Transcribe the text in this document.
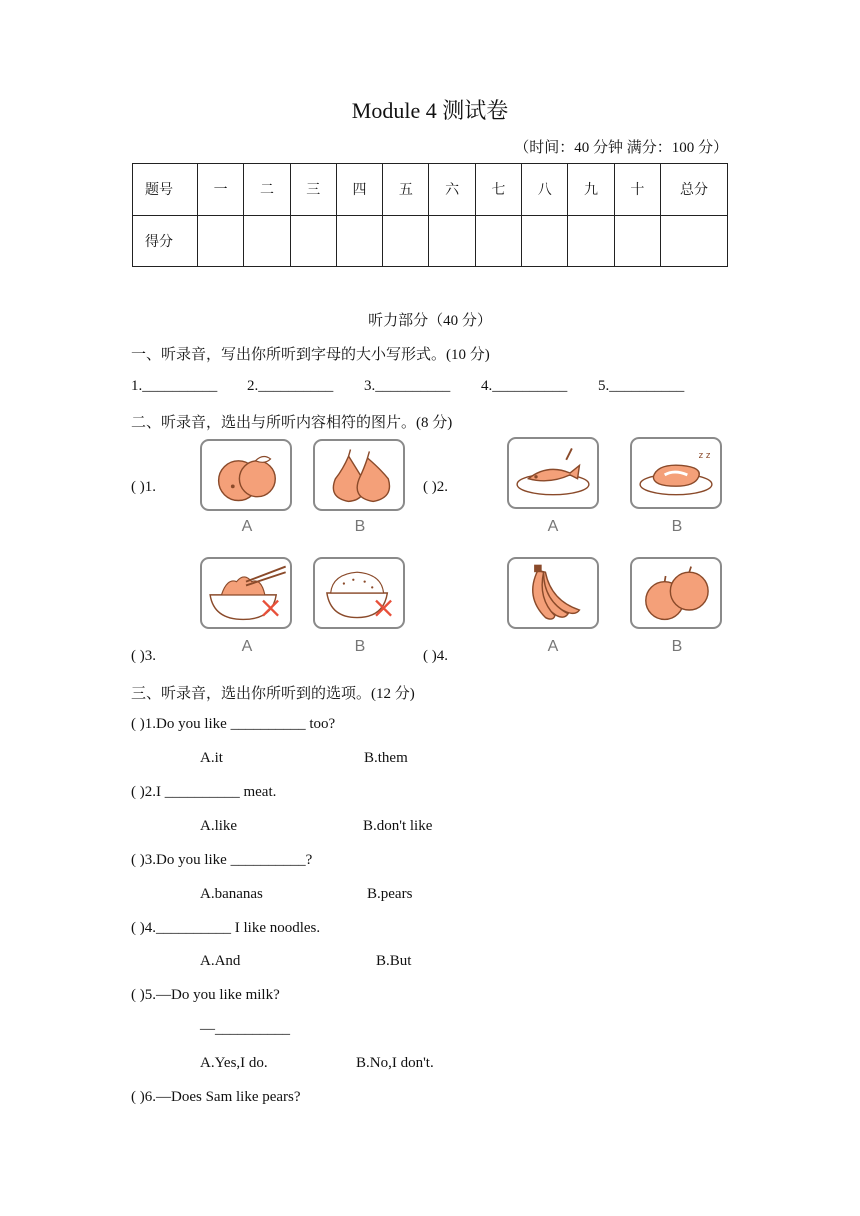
Module 4 测试卷
（时间：40 分钟 满分：100 分）
题号	一	二	三	四	五	六	七	八	九	十	总分
得分											
听力部分（40 分）
一、听录音，写出你所听到字母的大小写形式。(10 分)
1.__________ 2.__________ 3.__________ 4.__________ 5.__________
二、听录音，选出与所听内容相符的图片。(8 分)
( )1.	( )2.
( )3.	( )4.
A	B
z z
A	B
A	B	A	B
三、听录音，选出你所听到的选项。(12 分)
( )1.Do you like __________ too?
A.it	B.them
( )2.I __________ meat.
A.like	B.don't like
( )3.Do you like __________?
A.bananas	B.pears
( )4.__________ I like noodles.
A.And	B.But
( )5.—Do you like milk?
—__________
A.Yes,I do.	B.No,I don't.
( )6.—Does Sam like pears?
